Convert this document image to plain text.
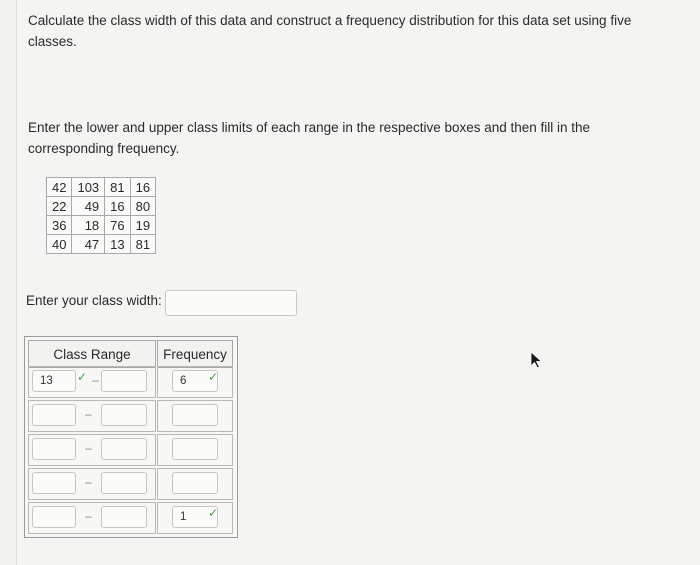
Calculate the class width of this data and construct a frequency distribution for this data set using five classes.
Enter the lower and upper class limits of each range in the respective boxes and then fill in the corresponding frequency.
42	103	81	16
22	49	16	80
36	18	76	19
40	47	13	81
Enter your class width:
Class Range	Frequency
13 ✓ –	6 ✓
–
–
–
–	1 ✓
